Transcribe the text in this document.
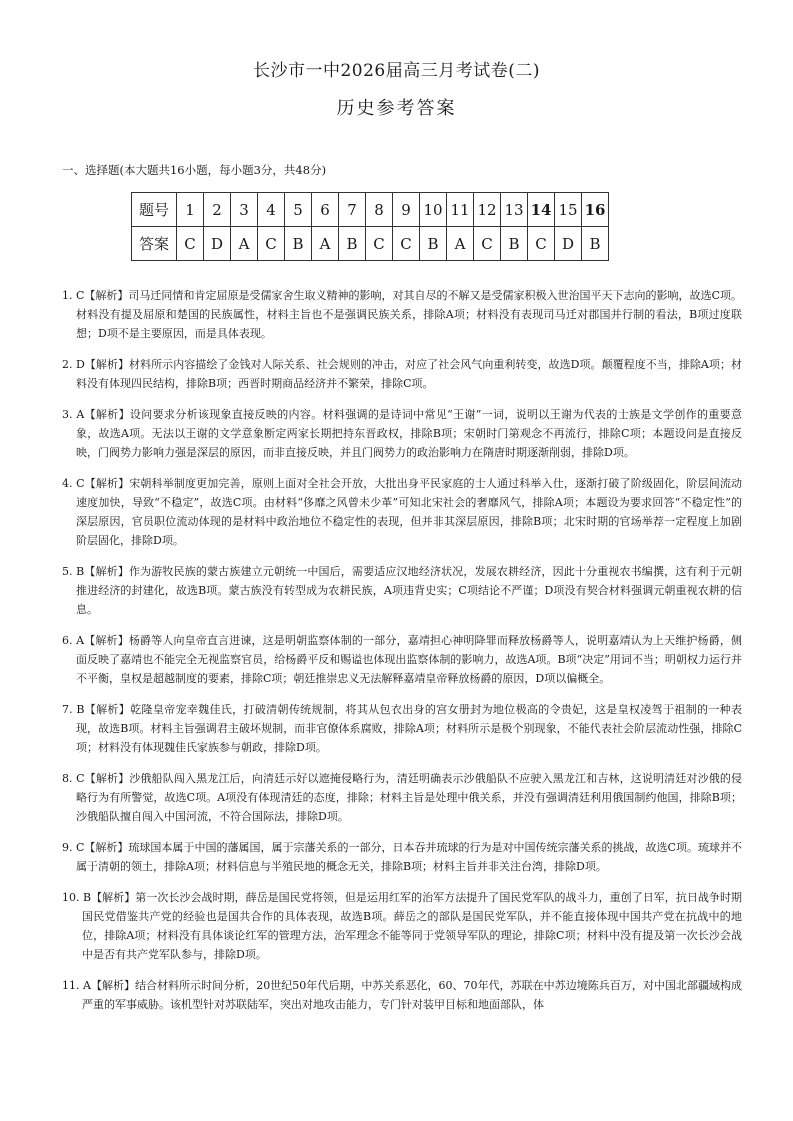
长沙市一中2026届高三月考试卷(二)
历史参考答案
一、选择题(本大题共16小题，每小题3分，共48分)
题号	1	2	3	4	5	6	7	8	9	10	11	12	13	14	15	16
答案	C	D	A	C	B	A	B	C	C	B	A	C	B	C	D	B

1. C【解析】司马迁同情和肯定屈原是受儒家舍生取义精神的影响，对其自尽的不解又是受儒家积极入世治国平天下志向的影响，故选C项。材料没有提及屈原和楚国的民族属性，材料主旨也不是强调民族关系，排除A项；材料没有表现司马迁对郡国并行制的看法，B项过度联想；D项不是主要原因，而是具体表现。

2. D【解析】材料所示内容描绘了金钱对人际关系、社会规则的冲击，对应了社会风气向重利转变，故选D项。颠覆程度不当，排除A项；材料没有体现四民结构，排除B项；西晋时期商品经济并不繁荣，排除C项。

3. A【解析】设问要求分析该现象直接反映的内容。材料强调的是诗词中常见“王谢”一词，说明以王谢为代表的士族是文学创作的重要意象，故选A项。无法以王谢的文学意象断定两家长期把持东晋政权，排除B项；宋朝时门第观念不再流行，排除C项；本题设问是直接反映，门阀势力影响力强是深层的原因，而非直接反映，并且门阀势力的政治影响力在隋唐时期逐渐削弱，排除D项。

4. C【解析】宋朝科举制度更加完善，原则上面对全社会开放，大批出身平民家庭的士人通过科举入仕，逐渐打破了阶级固化，阶层间流动速度加快，导致“不稳定”，故选C项。由材料“侈靡之风曾未少革”可知北宋社会的奢靡风气，排除A项；本题设为要求回答“不稳定性”的深层原因，官员职位流动体现的是材料中政治地位不稳定性的表现，但并非其深层原因，排除B项；北宋时期的官场举荐一定程度上加剧阶层固化，排除D项。

5. B【解析】作为游牧民族的蒙古族建立元朝统一中国后，需要适应汉地经济状况，发展农耕经济，因此十分重视农书编撰，这有利于元朝推进经济的封建化，故选B项。蒙古族没有转型成为农耕民族，A项违背史实；C项结论不严谨；D项没有契合材料强调元朝重视农耕的信息。

6. A【解析】杨爵等人向皇帝直言进谏，这是明朝监察体制的一部分，嘉靖担心神明降罪而释放杨爵等人，说明嘉靖认为上天维护杨爵，侧面反映了嘉靖也不能完全无视监察官员，给杨爵平反和赐谥也体现出监察体制的影响力，故选A项。B项“决定”用词不当；明朝权力运行并不平衡，皇权是超越制度的要素，排除C项；朝廷推崇忠义无法解释嘉靖皇帝释放杨爵的原因，D项以偏概全。

7. B【解析】乾隆皇帝宠幸魏佳氏，打破清朝传统规制，将其从包衣出身的宫女册封为地位极高的令贵妃，这是皇权凌驾于祖制的一种表现，故选B项。材料主旨强调君主破坏规制，而非官僚体系腐败，排除A项；材料所示是极个别现象，不能代表社会阶层流动性强，排除C项；材料没有体现魏佳氏家族参与朝政，排除D项。

8. C【解析】沙俄船队闯入黑龙江后，向清廷示好以遮掩侵略行为，清廷明确表示沙俄船队不应驶入黑龙江和吉林，这说明清廷对沙俄的侵略行为有所警觉，故选C项。A项没有体现清廷的态度，排除；材料主旨是处理中俄关系，并没有强调清廷利用俄国制约他国，排除B项；沙俄船队擅自闯入中国河流，不符合国际法，排除D项。

9. C【解析】琉球国本属于中国的藩属国，属于宗藩关系的一部分，日本吞并琉球的行为是对中国传统宗藩关系的挑战，故选C项。琉球并不属于清朝的领土，排除A项；材料信息与半殖民地的概念无关，排除B项；材料主旨并非关注台湾，排除D项。

10. B【解析】第一次长沙会战时期，薛岳是国民党将领，但是运用红军的治军方法提升了国民党军队的战斗力，重创了日军，抗日战争时期国民党借鉴共产党的经验也是国共合作的具体表现，故选B项。薛岳之的部队是国民党军队，并不能直接体现中国共产党在抗战中的地位，排除A项；材料没有具体谈论红军的管理方法，治军理念不能等同于党领导军队的理论，排除C项；材料中没有提及第一次长沙会战中是否有共产党军队参与，排除D项。

11. A【解析】结合材料所示时间分析，20世纪50年代后期，中苏关系恶化，60、70年代，苏联在中苏边境陈兵百万，对中国北部疆域构成严重的军事威胁。该机型针对苏联陆军，突出对地攻击能力，专门针对装甲目标和地面部队，体
